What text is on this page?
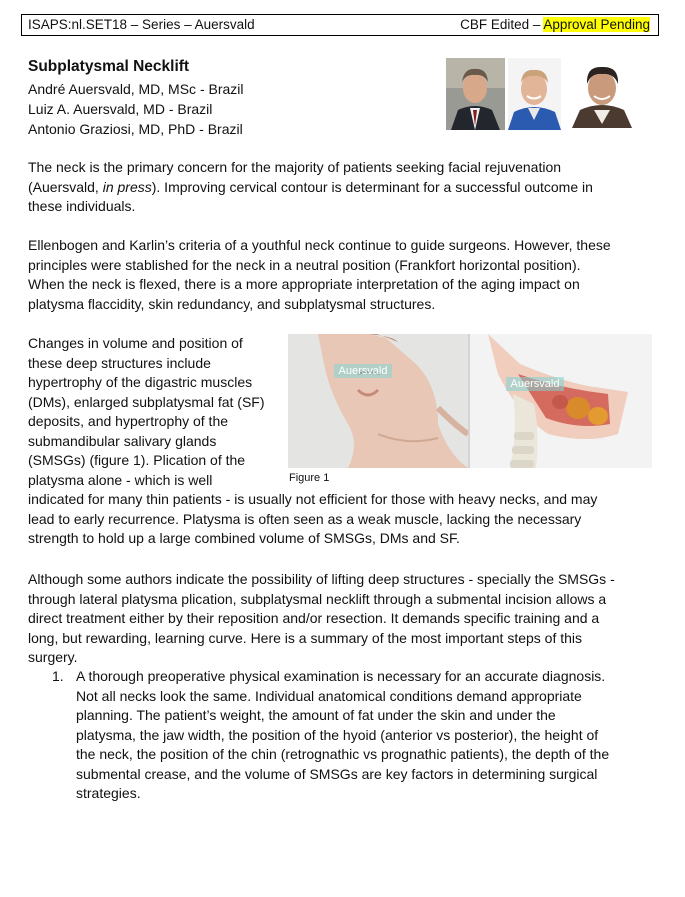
ISAPS:nl.SET18 – Series – Auersvald	CBF Edited – Approval Pending
Subplatysmal Necklift
André Auersvald, MD, MSc - Brazil
Luiz A. Auersvald, MD - Brazil
Antonio Graziosi, MD, PhD - Brazil
The neck is the primary concern for the majority of patients seeking facial rejuvenation
(Auersvald, in press). Improving cervical contour is determinant for a successful outcome in
these individuals.
Ellenbogen and Karlin’s criteria of a youthful neck continue to guide surgeons. However, these
principles were stablished for the neck in a neutral position (Frankfort horizontal position).
When the neck is flexed, there is a more appropriate interpretation of the aging impact on
platysma flaccidity, skin redundancy, and subplatysmal structures.
Changes in volume and position of
these deep structures include
hypertrophy of the digastric muscles
(DMs), enlarged subplatysmal fat (SF)
deposits, and hypertrophy of the
submandibular salivary glands
(SMSGs) (figure 1). Plication of the
platysma alone - which is well
indicated for many thin patients - is usually not efficient for those with heavy necks, and may
lead to early recurrence. Platysma is often seen as a weak muscle, lacking the necessary
strength to hold up a large combined volume of SMSGs, DMs and SF.
Auersvald
Auersvald
Figure 1
Although some authors indicate the possibility of lifting deep structures - specially the SMSGs -
through lateral platysma plication, subplatysmal necklift through a submental incision allows a
direct treatment either by their reposition and/or resection. It demands specific training and a
long, but rewarding, learning curve. Here is a summary of the most important steps of this
surgery.
1. A thorough preoperative physical examination is necessary for an accurate diagnosis.
Not all necks look the same. Individual anatomical conditions demand appropriate
planning. The patient’s weight, the amount of fat under the skin and under the
platysma, the jaw width, the position of the hyoid (anterior vs posterior), the height of
the neck, the position of the chin (retrognathic vs prognathic patients), the depth of the
submental crease, and the volume of SMSGs are key factors in determining surgical
strategies.
